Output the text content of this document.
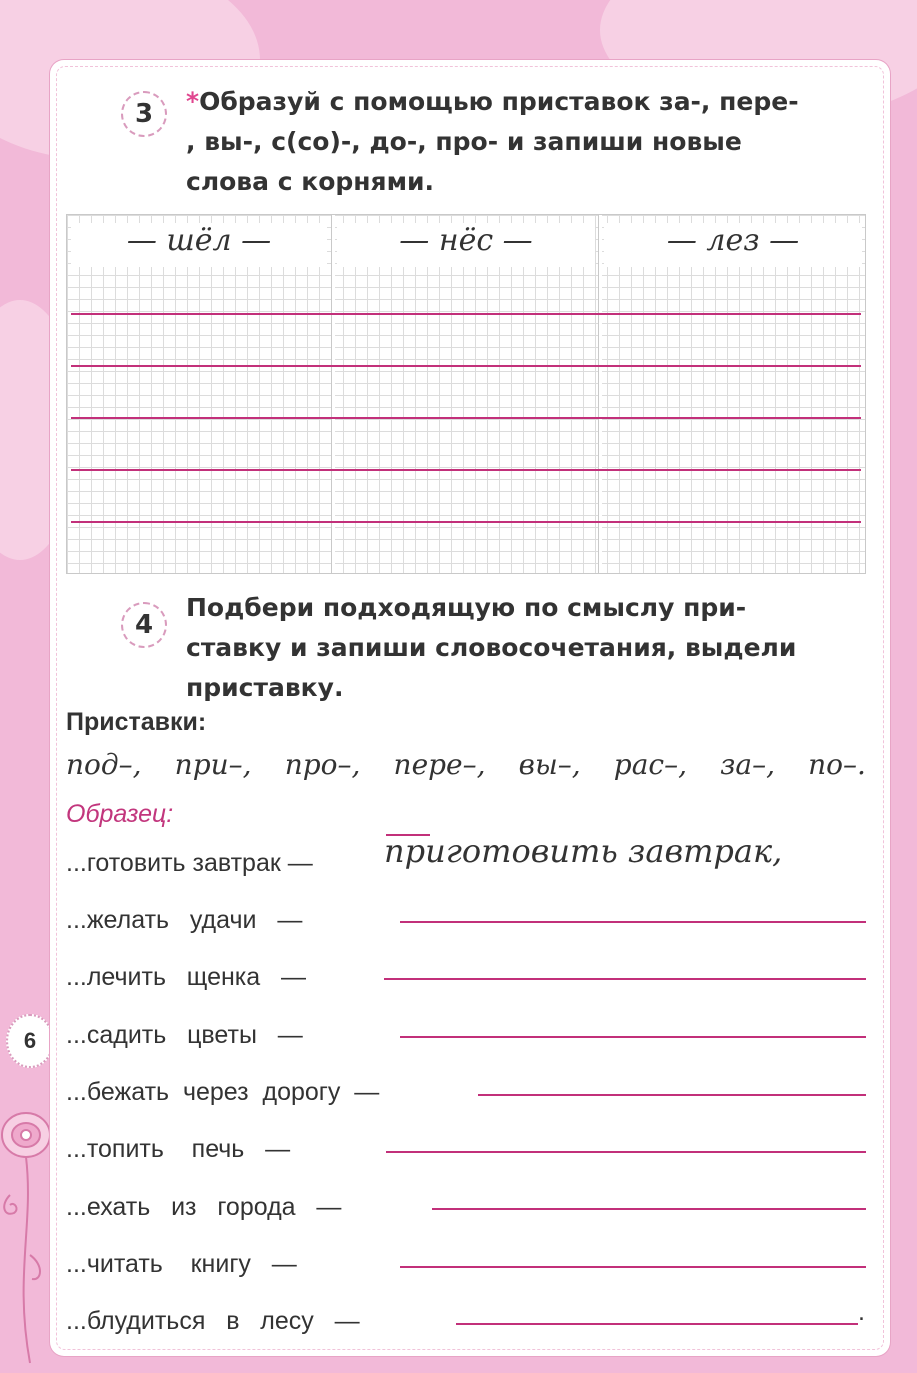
6
3 *Образуй с помощью приставок за-, пере-
, вы-, с(со)-, до-, про- и запиши новые
слова с корнями.
— шёл —	— нёс —	— лез —
4
Подбери подходящую по смыслу при-
ставку и запиши словосочетания, выдели
приставку.
Приставки:
под–, при–, про–, пере–, вы–, рас–, за–, по–.
Образец:
...готовить завтрак — приготовить завтрак,
...желать   удачи   —
...лечить   щенка   —
...садить   цветы   —
...бежать  через  дорогу  —
...топить    печь   —
...ехать   из   города   —
...читать    книгу   —
...блудиться   в   лесу   —	.
